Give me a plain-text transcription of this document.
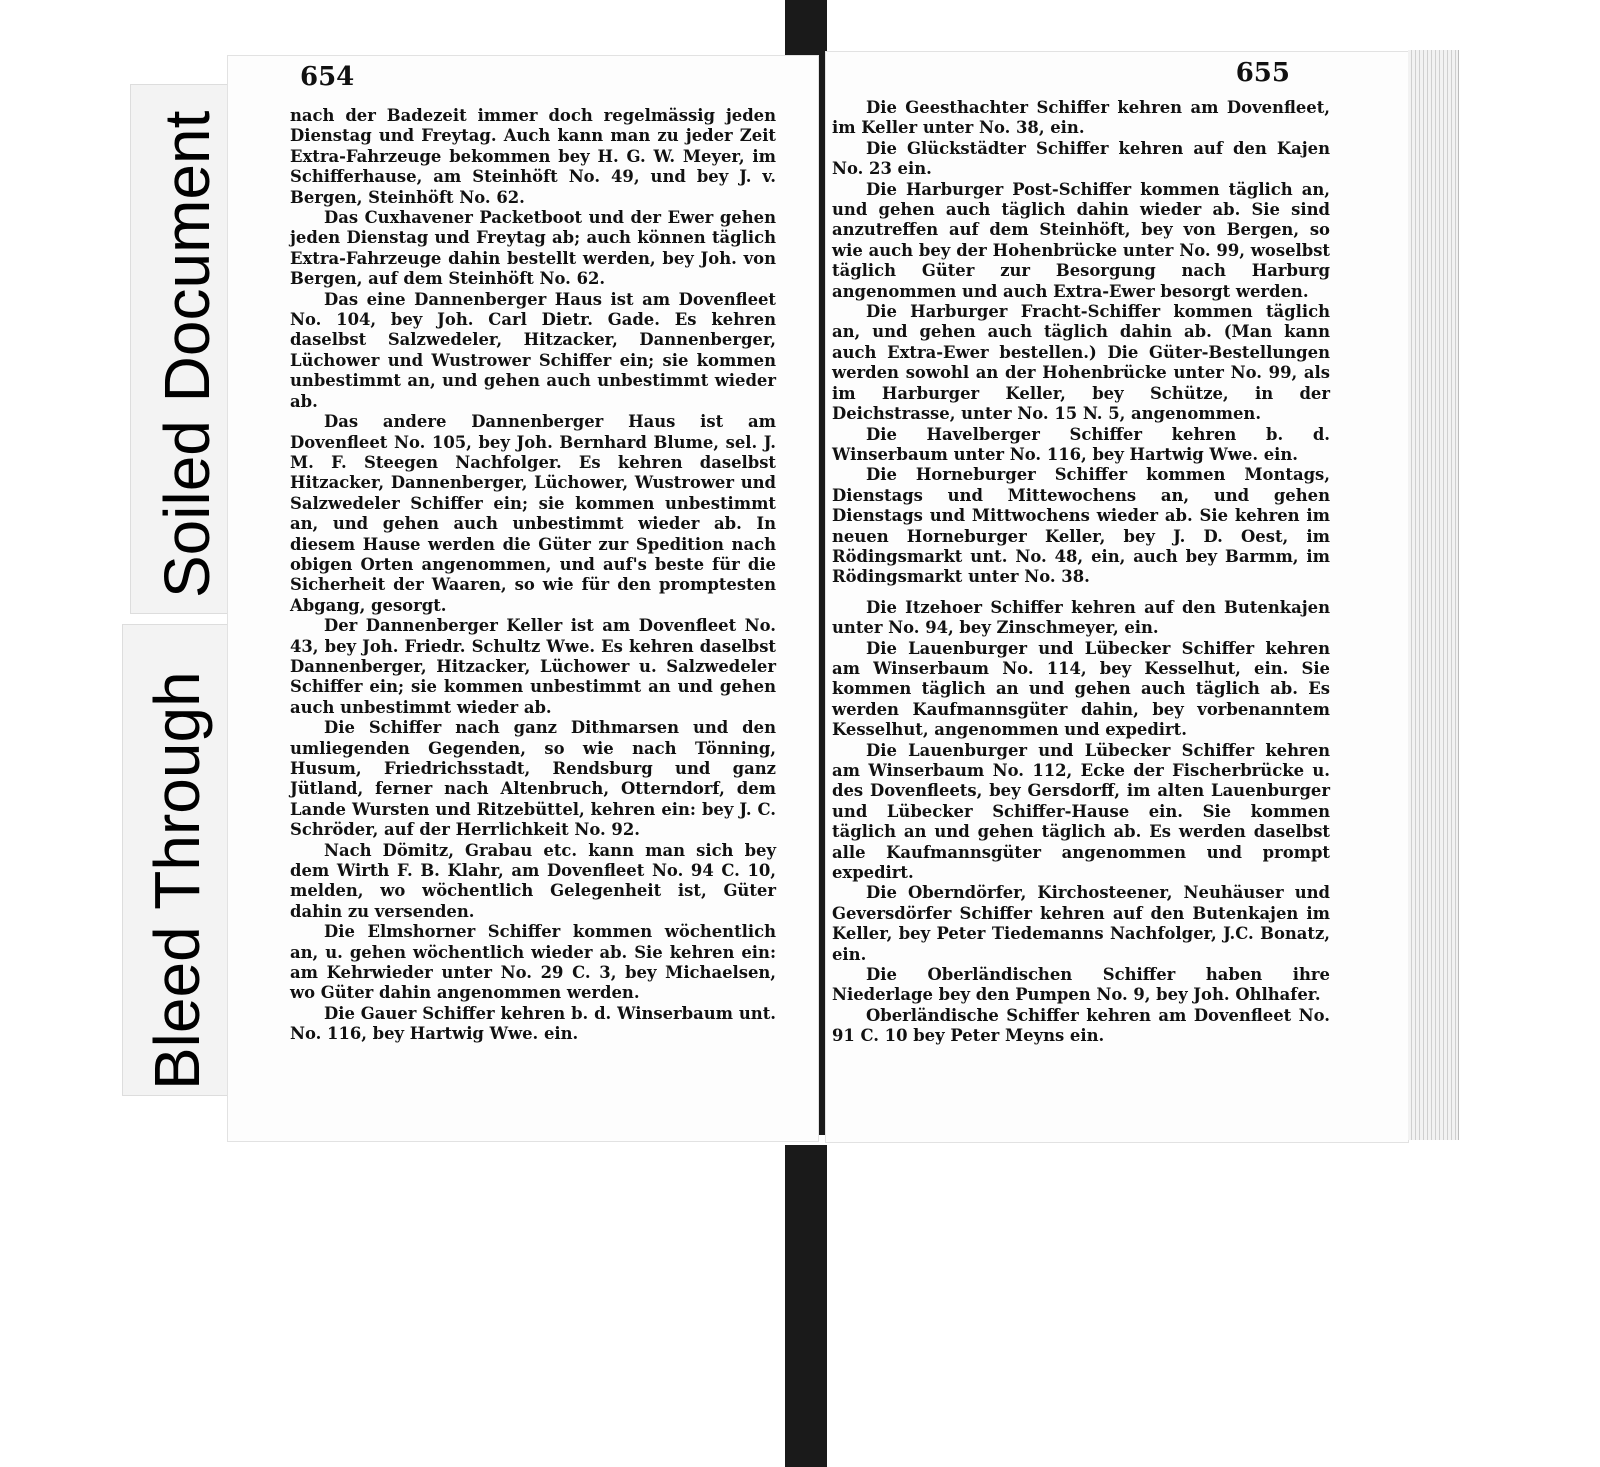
Soiled Document
Bleed Through
654

nach der Badezeit immer doch regelmässig jeden Dienstag und Freytag. Auch kann man zu jeder Zeit Extra-Fahrzeuge bekommen bey H. G. W. Meyer, im Schifferhause, am Steinhöft No. 49, und bey J. v. Bergen, Steinhöft No. 62.

Das Cuxhavener Packetboot und der Ewer gehen jeden Dienstag und Freytag ab; auch können täglich Extra-Fahrzeuge dahin bestellt werden, bey Joh. von Bergen, auf dem Steinhöft No. 62.

Das eine Dannenberger Haus ist am Dovenfleet No. 104, bey Joh. Carl Dietr. Gade. Es kehren daselbst Salzwedeler, Hitzacker, Dannenberger, Lüchower und Wustrower Schiffer ein; sie kommen unbestimmt an, und gehen auch unbestimmt wieder ab.

Das andere Dannenberger Haus ist am Dovenfleet No. 105, bey Joh. Bernhard Blume, sel. J. M. F. Steegen Nachfolger. Es kehren daselbst Hitzacker, Dannenberger, Lüchower, Wustrower und Salzwedeler Schiffer ein; sie kommen unbestimmt an, und gehen auch unbestimmt wieder ab. In diesem Hause werden die Güter zur Spedition nach obigen Orten angenommen, und auf's beste für die Sicherheit der Waaren, so wie für den promptesten Abgang, gesorgt.

Der Dannenberger Keller ist am Dovenfleet No. 43, bey Joh. Friedr. Schultz Wwe. Es kehren daselbst Dannenberger, Hitzacker, Lüchower u. Salzwedeler Schiffer ein; sie kommen unbestimmt an und gehen auch unbestimmt wieder ab.

Die Schiffer nach ganz Dithmarsen und den umliegenden Gegenden, so wie nach Tönning, Husum, Friedrichsstadt, Rendsburg und ganz Jütland, ferner nach Altenbruch, Otterndorf, dem Lande Wursten und Ritzebüttel, kehren ein: bey J. C. Schröder, auf der Herrlichkeit No. 92.

Nach Dömitz, Grabau etc. kann man sich bey dem Wirth F. B. Klahr, am Dovenfleet No. 94 C. 10, melden, wo wöchentlich Gelegenheit ist, Güter dahin zu versenden.

Die Elmshorner Schiffer kommen wöchentlich an, u. gehen wöchentlich wieder ab. Sie kehren ein: am Kehrwieder unter No. 29 C. 3, bey Michaelsen, wo Güter dahin angenommen werden.

Die Gauer Schiffer kehren b. d. Winserbaum unt. No. 116, bey Hartwig Wwe. ein.

655

Die Geesthachter Schiffer kehren am Dovenfleet, im Keller unter No. 38, ein.

Die Glückstädter Schiffer kehren auf den Kajen No. 23 ein.

Die Harburger Post-Schiffer kommen täglich an, und gehen auch täglich dahin wieder ab. Sie sind anzutreffen auf dem Steinhöft, bey von Bergen, so wie auch bey der Hohenbrücke unter No. 99, woselbst täglich Güter zur Besorgung nach Harburg angenommen und auch Extra-Ewer besorgt werden.

Die Harburger Fracht-Schiffer kommen täglich an, und gehen auch täglich dahin ab. (Man kann auch Extra-Ewer bestellen.) Die Güter-Bestellungen werden sowohl an der Hohenbrücke unter No. 99, als im Harburger Keller, bey Schütze, in der Deichstrasse, unter No. 15 N. 5, angenommen.

Die Havelberger Schiffer kehren b. d. Winserbaum unter No. 116, bey Hartwig Wwe. ein.

Die Horneburger Schiffer kommen Montags, Dienstags und Mittewochens an, und gehen Dienstags und Mittwochens wieder ab. Sie kehren im neuen Horneburger Keller, bey J. D. Oest, im Rödingsmarkt unt. No. 48, ein, auch bey Barmm, im Rödingsmarkt unter No. 38.

Die Itzehoer Schiffer kehren auf den Butenkajen unter No. 94, bey Zinschmeyer, ein.

Die Lauenburger und Lübecker Schiffer kehren am Winserbaum No. 114, bey Kesselhut, ein. Sie kommen täglich an und gehen auch täglich ab. Es werden Kaufmannsgüter dahin, bey vorbenanntem Kesselhut, angenommen und expedirt.

Die Lauenburger und Lübecker Schiffer kehren am Winserbaum No. 112, Ecke der Fischerbrücke u. des Dovenfleets, bey Gersdorff, im alten Lauenburger und Lübecker Schiffer-Hause ein. Sie kommen täglich an und gehen täglich ab. Es werden daselbst alle Kaufmannsgüter angenommen und prompt expedirt.

Die Oberndörfer, Kirchosteener, Neuhäuser und Geversdörfer Schiffer kehren auf den Butenkajen im Keller, bey Peter Tiedemanns Nachfolger, J.C. Bonatz, ein.

Die Oberländischen Schiffer haben ihre Niederlage bey den Pumpen No. 9, bey Joh. Ohlhafer.

Oberländische Schiffer kehren am Dovenfleet No. 91 C. 10 bey Peter Meyns ein.
